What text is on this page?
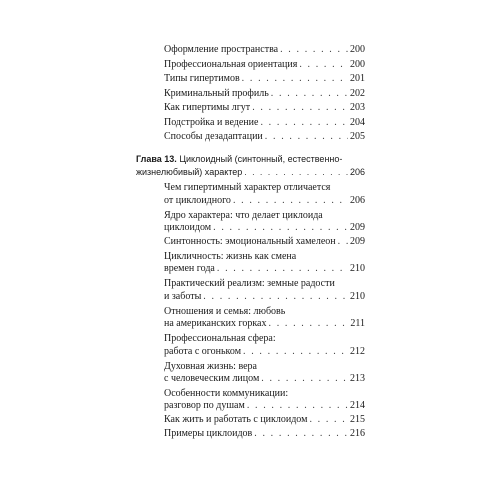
Оформление пространства . . .	200
Профессиональная ориентация . . .	200
Типы гипертимов . . .	201
Криминальный профиль . . .	202
Как гипертимы лгут . . .	203
Подстройка и ведение . . .	204
Способы дезадаптации . . .	205
Глава 13. Циклоидный (синтонный, естественно-
жизнелюбивый) характер . . .	206
Чем гипертимный характер отличается
от циклоидного . . .	206
Ядро характера: что делает циклоида
циклоидом . . .	209
Синтонность: эмоциональный хамелеон . . . 209
Цикличность: жизнь как смена
времен года . . .	210
Практический реализм: земные радости
и заботы . . .	210
Отношения и семья: любовь
на американских горках . . .	211
Профессиональная сфера:
работа с огоньком . . .	212
Духовная жизнь: вера
с человеческим лицом . . .	213
Особенности коммуникации:
разговор по душам . . .	214
Как жить и работать с циклоидом . . .	215
Примеры циклоидов . . .	216
